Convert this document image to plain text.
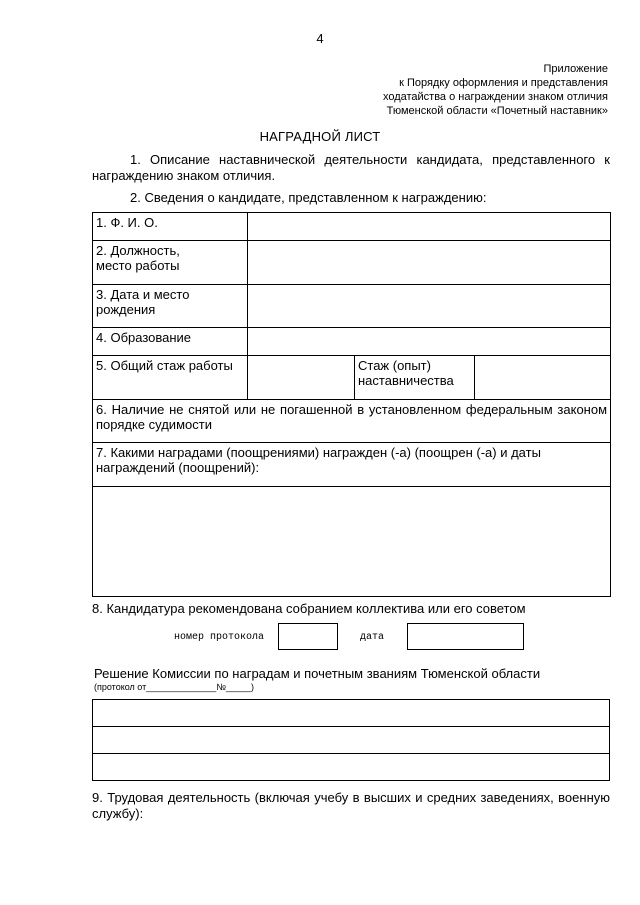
4
Приложение
к Порядку оформления и представления
ходатайства о награждении знаком отличия
Тюменской области «Почетный наставник»
НАГРАДНОЙ ЛИСТ
1. Описание наставнической деятельности кандидата, представленного к награждению знаком отличия.
2. Сведения о кандидате, представленном к награждению:
1. Ф. И. О.			
2. Должность,
место работы			
3. Дата и место
рождения			
4. Образование			
5. Общий стаж работы		Стаж (опыт)
наставничества	
6. Наличие не снятой или не погашенной в установленном федеральным законом порядке судимости			
7. Какими наградами (поощрениями) награжден (-а) (поощрен (-а) и даты награждений (поощрений):			

8. Кандидатура рекомендована собранием коллектива или его советом
номер протокола	дата
Решение Комиссии по наградам и почетным званиям Тюменской области
(протокол от______________№_____)

9. Трудовая деятельность (включая учебу в высших и средних заведениях, военную службу):
